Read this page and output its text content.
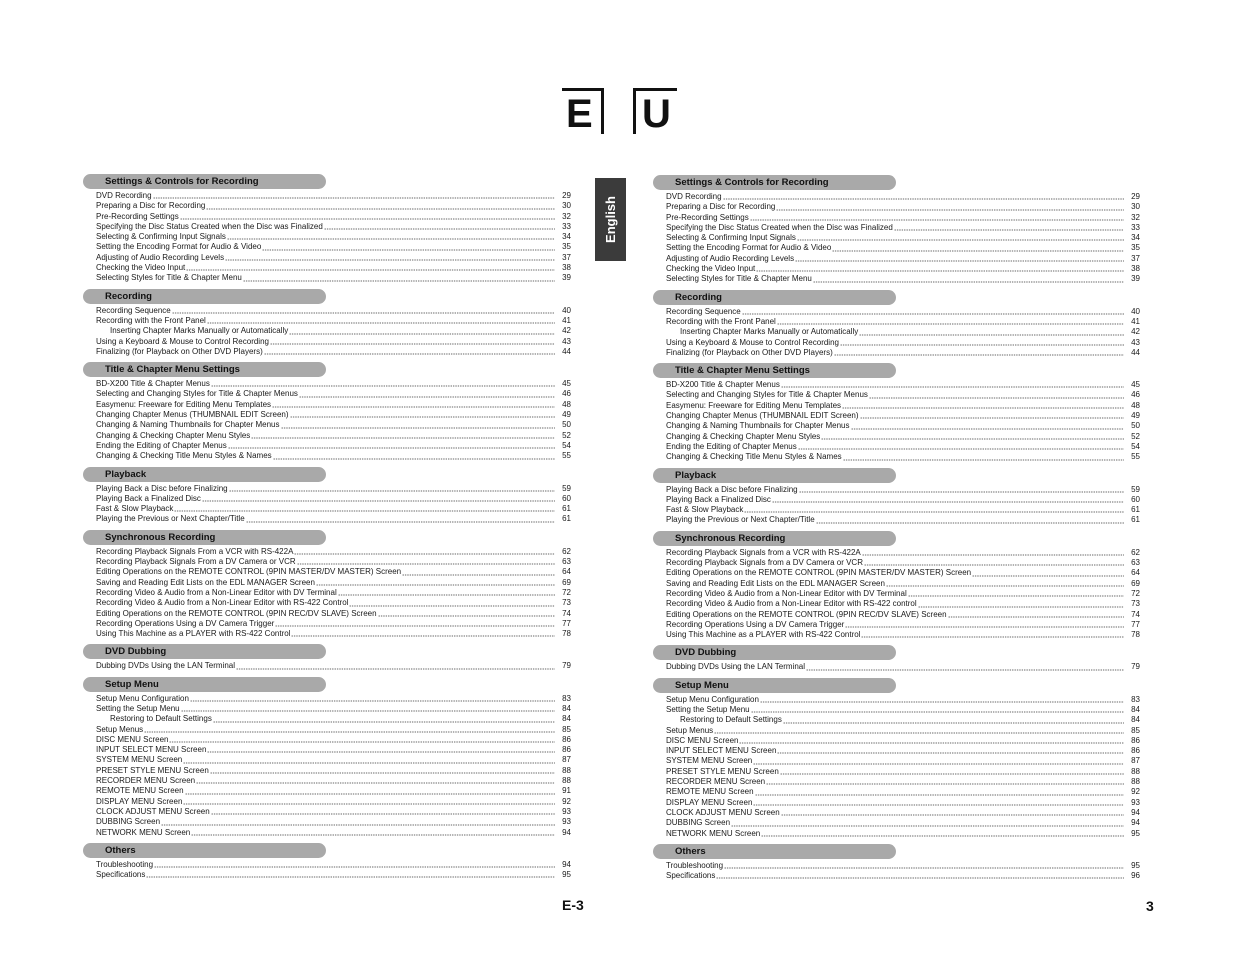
E U
English
Settings & Controls for Recording
DVD Recording	29
Preparing a Disc for Recording	30
Pre-Recording Settings	32
Specifying the Disc Status Created when the Disc was Finalized	33
Selecting & Confirming Input Signals	34
Setting the Encoding Format for Audio & Video	35
Adjusting of Audio Recording Levels	37
Checking the Video Input	38
Selecting Styles for Title & Chapter Menu	39
Recording
Recording Sequence	40
Recording with the Front Panel	41
Inserting Chapter Marks Manually or Automatically	42
Using a Keyboard & Mouse to Control Recording	43
Finalizing (for Playback on Other DVD Players)	44
Title & Chapter Menu Settings
BD-X200 Title & Chapter Menus	45
Selecting and Changing Styles for Title & Chapter Menus	46
Easymenu: Freeware for Editing Menu Templates	48
Changing Chapter Menus (THUMBNAIL EDIT Screen)	49
Changing & Naming Thumbnails for Chapter Menus	50
Changing & Checking Chapter Menu Styles	52
Ending the Editing of Chapter Menus	54
Changing & Checking Title Menu Styles & Names	55
Playback
Playing Back a Disc before Finalizing	59
Playing Back a Finalized Disc	60
Fast & Slow Playback	61
Playing the Previous or Next Chapter/Title	61
Synchronous Recording
Recording Playback Signals From a VCR with RS-422A	62
Recording Playback Signals From a DV Camera or VCR	63
Editing Operations on the REMOTE CONTROL (9PIN MASTER/DV MASTER) Screen	64
Saving and Reading Edit Lists on the EDL MANAGER Screen	69
Recording Video & Audio from a Non-Linear Editor with DV Terminal	72
Recording Video & Audio from a Non-Linear Editor with RS-422 Control	73
Editing Operations on the REMOTE CONTROL (9PIN REC/DV SLAVE) Screen	74
Recording Operations Using a DV Camera Trigger	77
Using This Machine as a PLAYER with RS-422 Control	78
DVD Dubbing
Dubbing DVDs Using the LAN Terminal	79
Setup Menu
Setup Menu Configuration	83
Setting the Setup Menu	84
Restoring to Default Settings	84
Setup Menus	85
DISC MENU Screen	86
INPUT SELECT MENU Screen	86
SYSTEM MENU Screen	87
PRESET STYLE MENU Screen	88
RECORDER MENU Screen	88
REMOTE MENU Screen	91
DISPLAY MENU Screen	92
CLOCK ADJUST MENU Screen	93
DUBBING Screen	93
NETWORK MENU Screen	94
Others
Troubleshooting	94
Specifications	95
Settings & Controls for Recording
DVD Recording	29
Preparing a Disc for Recording	30
Pre-Recording Settings	32
Specifying the Disc Status Created when the Disc was Finalized	33
Selecting & Confirming Input Signals	34
Setting the Encoding Format for Audio & Video	35
Adjusting of Audio Recording Levels	37
Checking the Video Input	38
Selecting Styles for Title & Chapter Menu	39
Recording
Recording Sequence	40
Recording with the Front Panel	41
Inserting Chapter Marks Manually or Automatically	42
Using a Keyboard & Mouse to Control Recording	43
Finalizing (for Playback on Other DVD Players)	44
Title & Chapter Menu Settings
BD-X200 Title & Chapter Menus	45
Selecting and Changing Styles for Title & Chapter Menus	46
Easymenu: Freeware for Editing Menu Templates	48
Changing Chapter Menus (THUMBNAIL EDIT Screen)	49
Changing & Naming Thumbnails for Chapter Menus	50
Changing & Checking Chapter Menu Styles	52
Ending the Editing of Chapter Menus	54
Changing & Checking Title Menu Styles & Names	55
Playback
Playing Back a Disc before Finalizing	59
Playing Back a Finalized Disc	60
Fast & Slow Playback	61
Playing the Previous or Next Chapter/Title	61
Synchronous Recording
Recording Playback Signals from a VCR with RS-422A	62
Recording Playback Signals from a DV Camera or VCR	63
Editing Operations on the REMOTE CONTROL (9PIN MASTER/DV MASTER) Screen	64
Saving and Reading Edit Lists on the EDL MANAGER Screen	69
Recording Video & Audio from a Non-Linear Editor with DV Terminal	72
Recording Video & Audio from a Non-Linear Editor with RS-422 control	73
Editing Operations on the REMOTE CONTROL (9PIN REC/DV SLAVE) Screen	74
Recording Operations Using a DV Camera Trigger	77
Using This Machine as a PLAYER with RS-422 Control	78
DVD Dubbing
Dubbing DVDs Using the LAN Terminal	79
Setup Menu
Setup Menu Configuration	83
Setting the Setup Menu	84
Restoring to Default Settings	84
Setup Menus	85
DISC MENU Screen	86
INPUT SELECT MENU Screen	86
SYSTEM MENU Screen	87
PRESET STYLE MENU Screen	88
RECORDER MENU Screen	88
REMOTE MENU Screen	92
DISPLAY MENU Screen	93
CLOCK ADJUST MENU Screen	94
DUBBING Screen	94
NETWORK MENU Screen	95
Others
Troubleshooting	95
Specifications	96
E-3	3
